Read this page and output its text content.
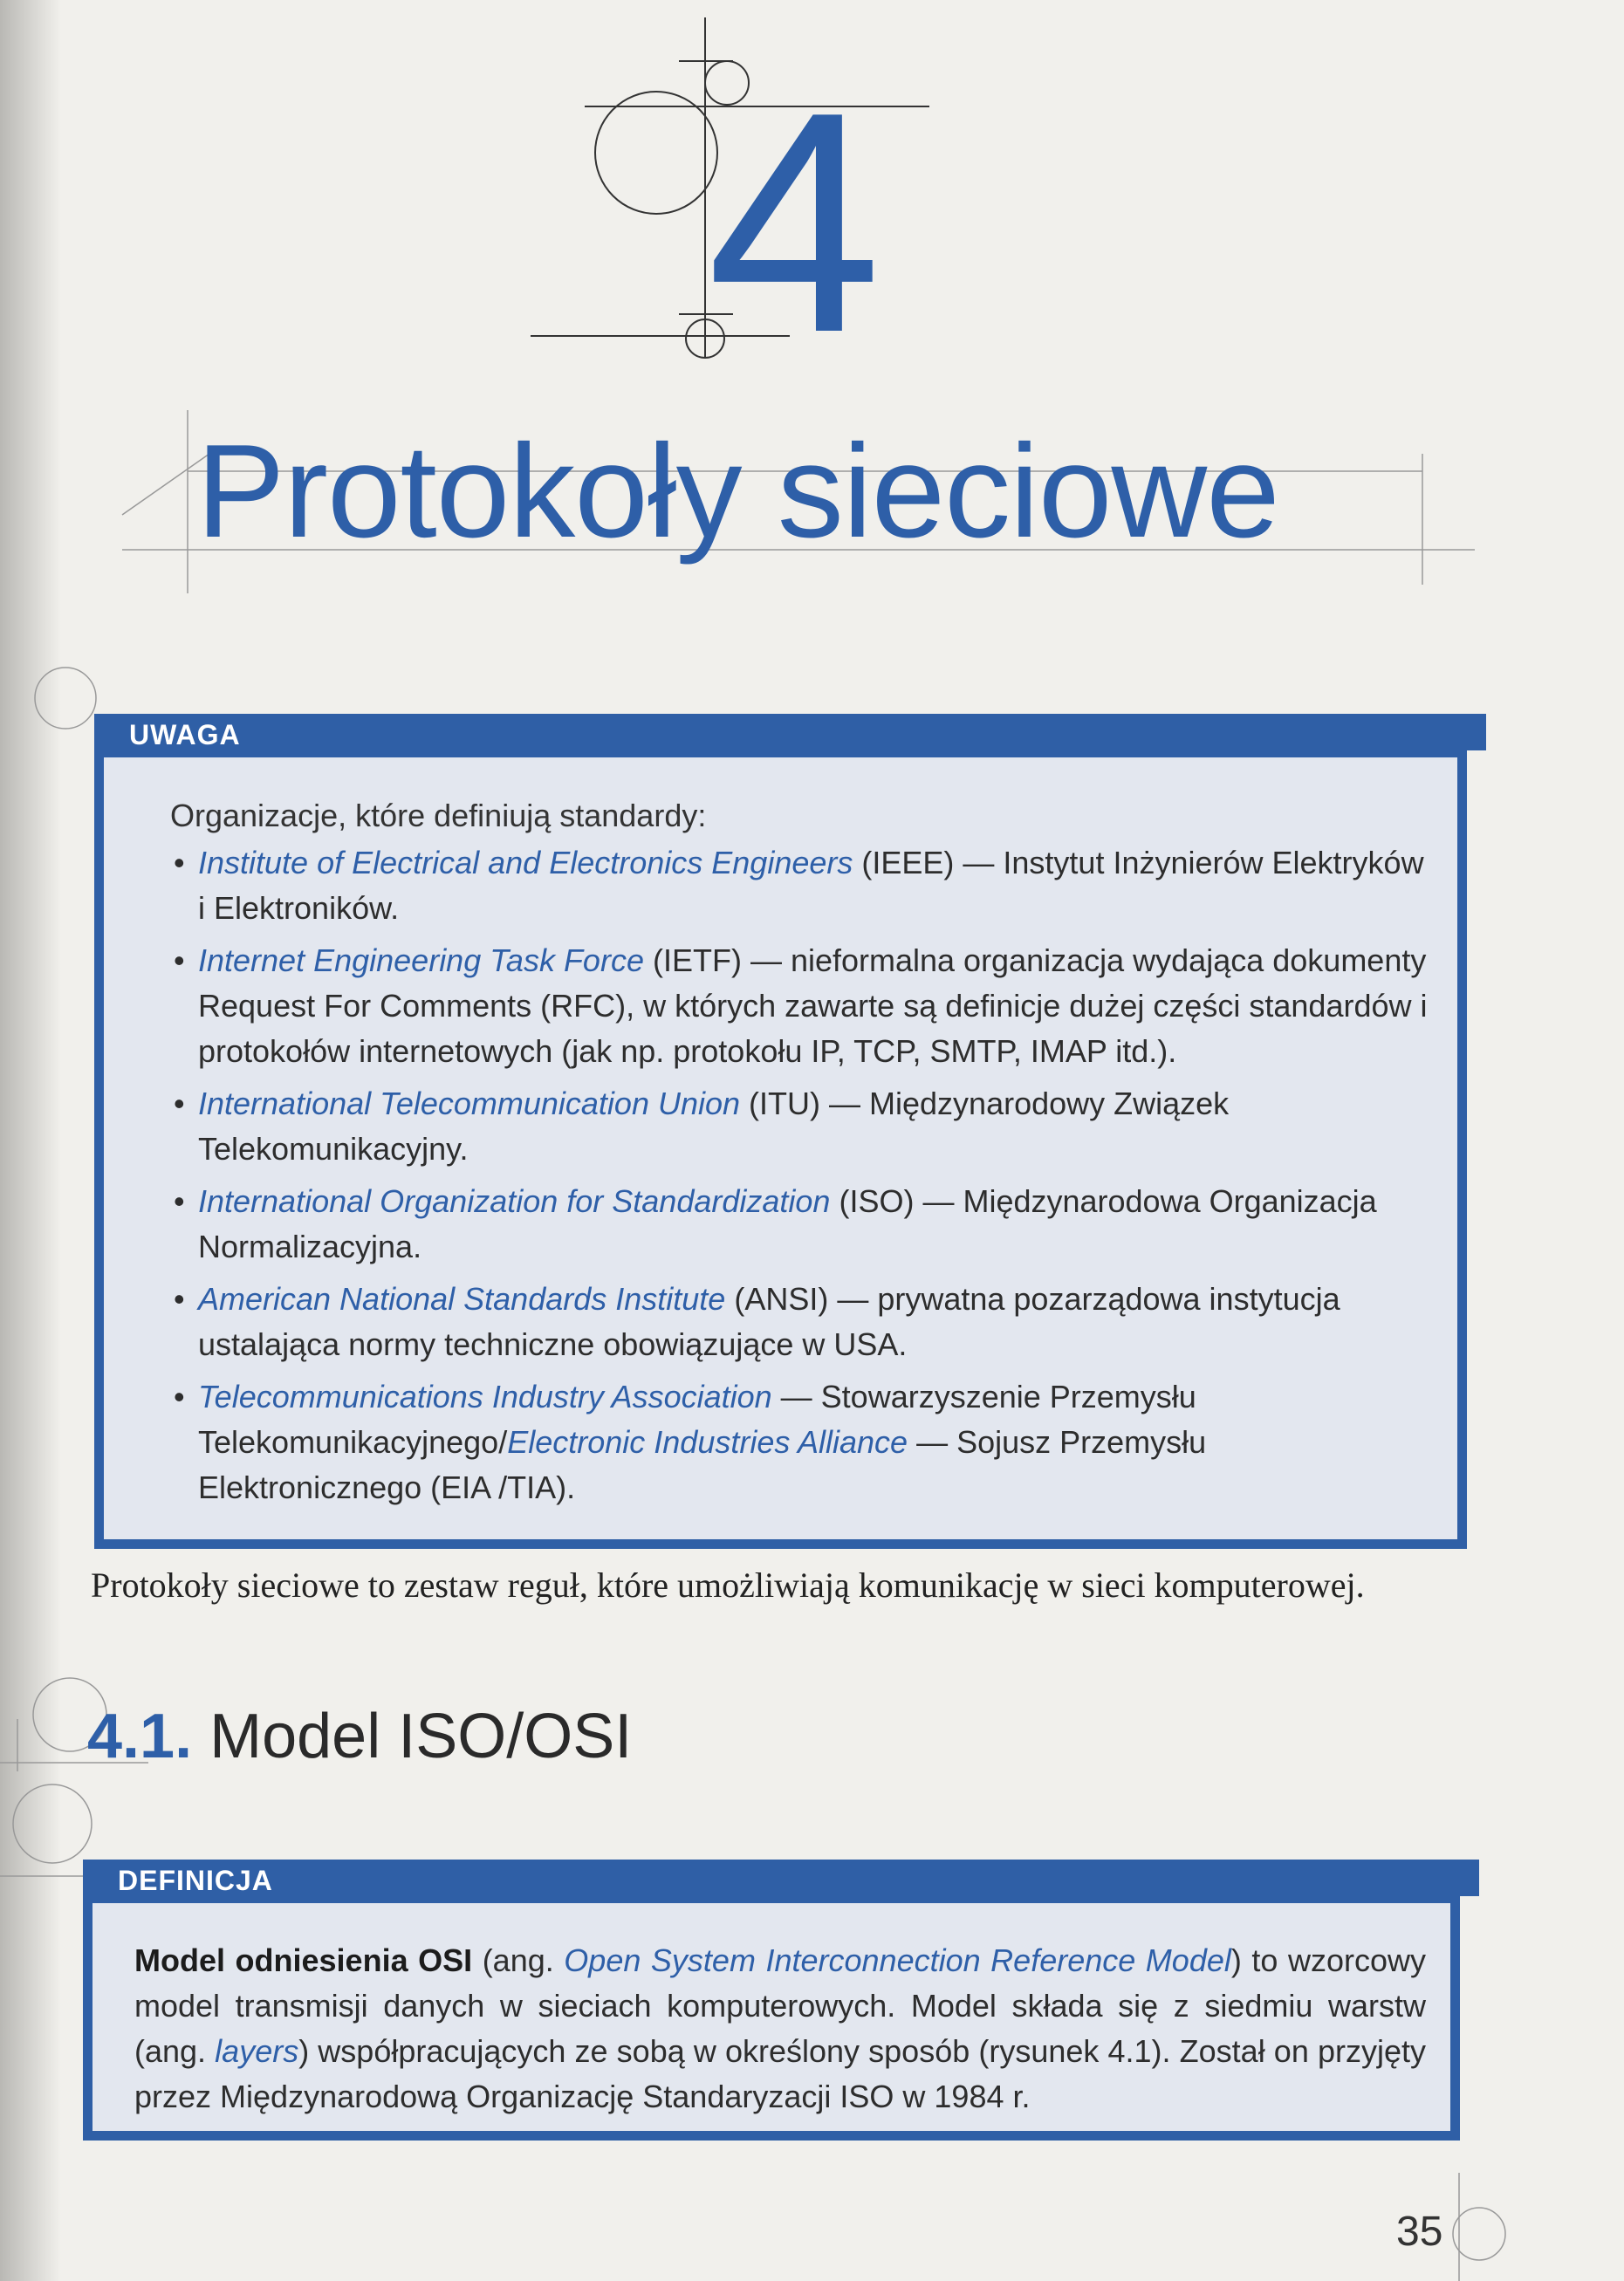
4
Protokoły sieciowe
UWAGA
Organizacje, które definiują standardy:
• Institute of Electrical and Electronics Engineers (IEEE) — Instytut Inżynierów Elektryków i Elektroników.
• Internet Engineering Task Force (IETF) — nieformalna organizacja wydająca dokumenty Request For Comments (RFC), w których zawarte są definicje dużej części standardów i protokołów internetowych (jak np. protokołu IP, TCP, SMTP, IMAP itd.).
• International Telecommunication Union (ITU) — Międzynarodowy Związek Telekomunikacyjny.
• International Organization for Standardization (ISO) — Międzynarodowa Organizacja Normalizacyjna.
• American National Standards Institute (ANSI) — prywatna pozarządowa instytucja ustalająca normy techniczne obowiązujące w USA.
• Telecommunications Industry Association — Stowarzyszenie Przemysłu Telekomunikacyjnego/Electronic Industries Alliance — Sojusz Przemysłu Elektronicznego (EIA /TIA).
Protokoły sieciowe to zestaw reguł, które umożliwiają komunikację w sieci komputerowej.
4.1. Model ISO/OSI
DEFINICJA
Model odniesienia OSI (ang. Open System Interconnection Reference Model) to wzorcowy model transmisji danych w sieciach komputerowych. Model składa się z siedmiu warstw (ang. layers) współpracujących ze sobą w określony sposób (rysunek 4.1). Został on przyjęty przez Międzynarodową Organizację Standaryzacji ISO w 1984 r.
35
